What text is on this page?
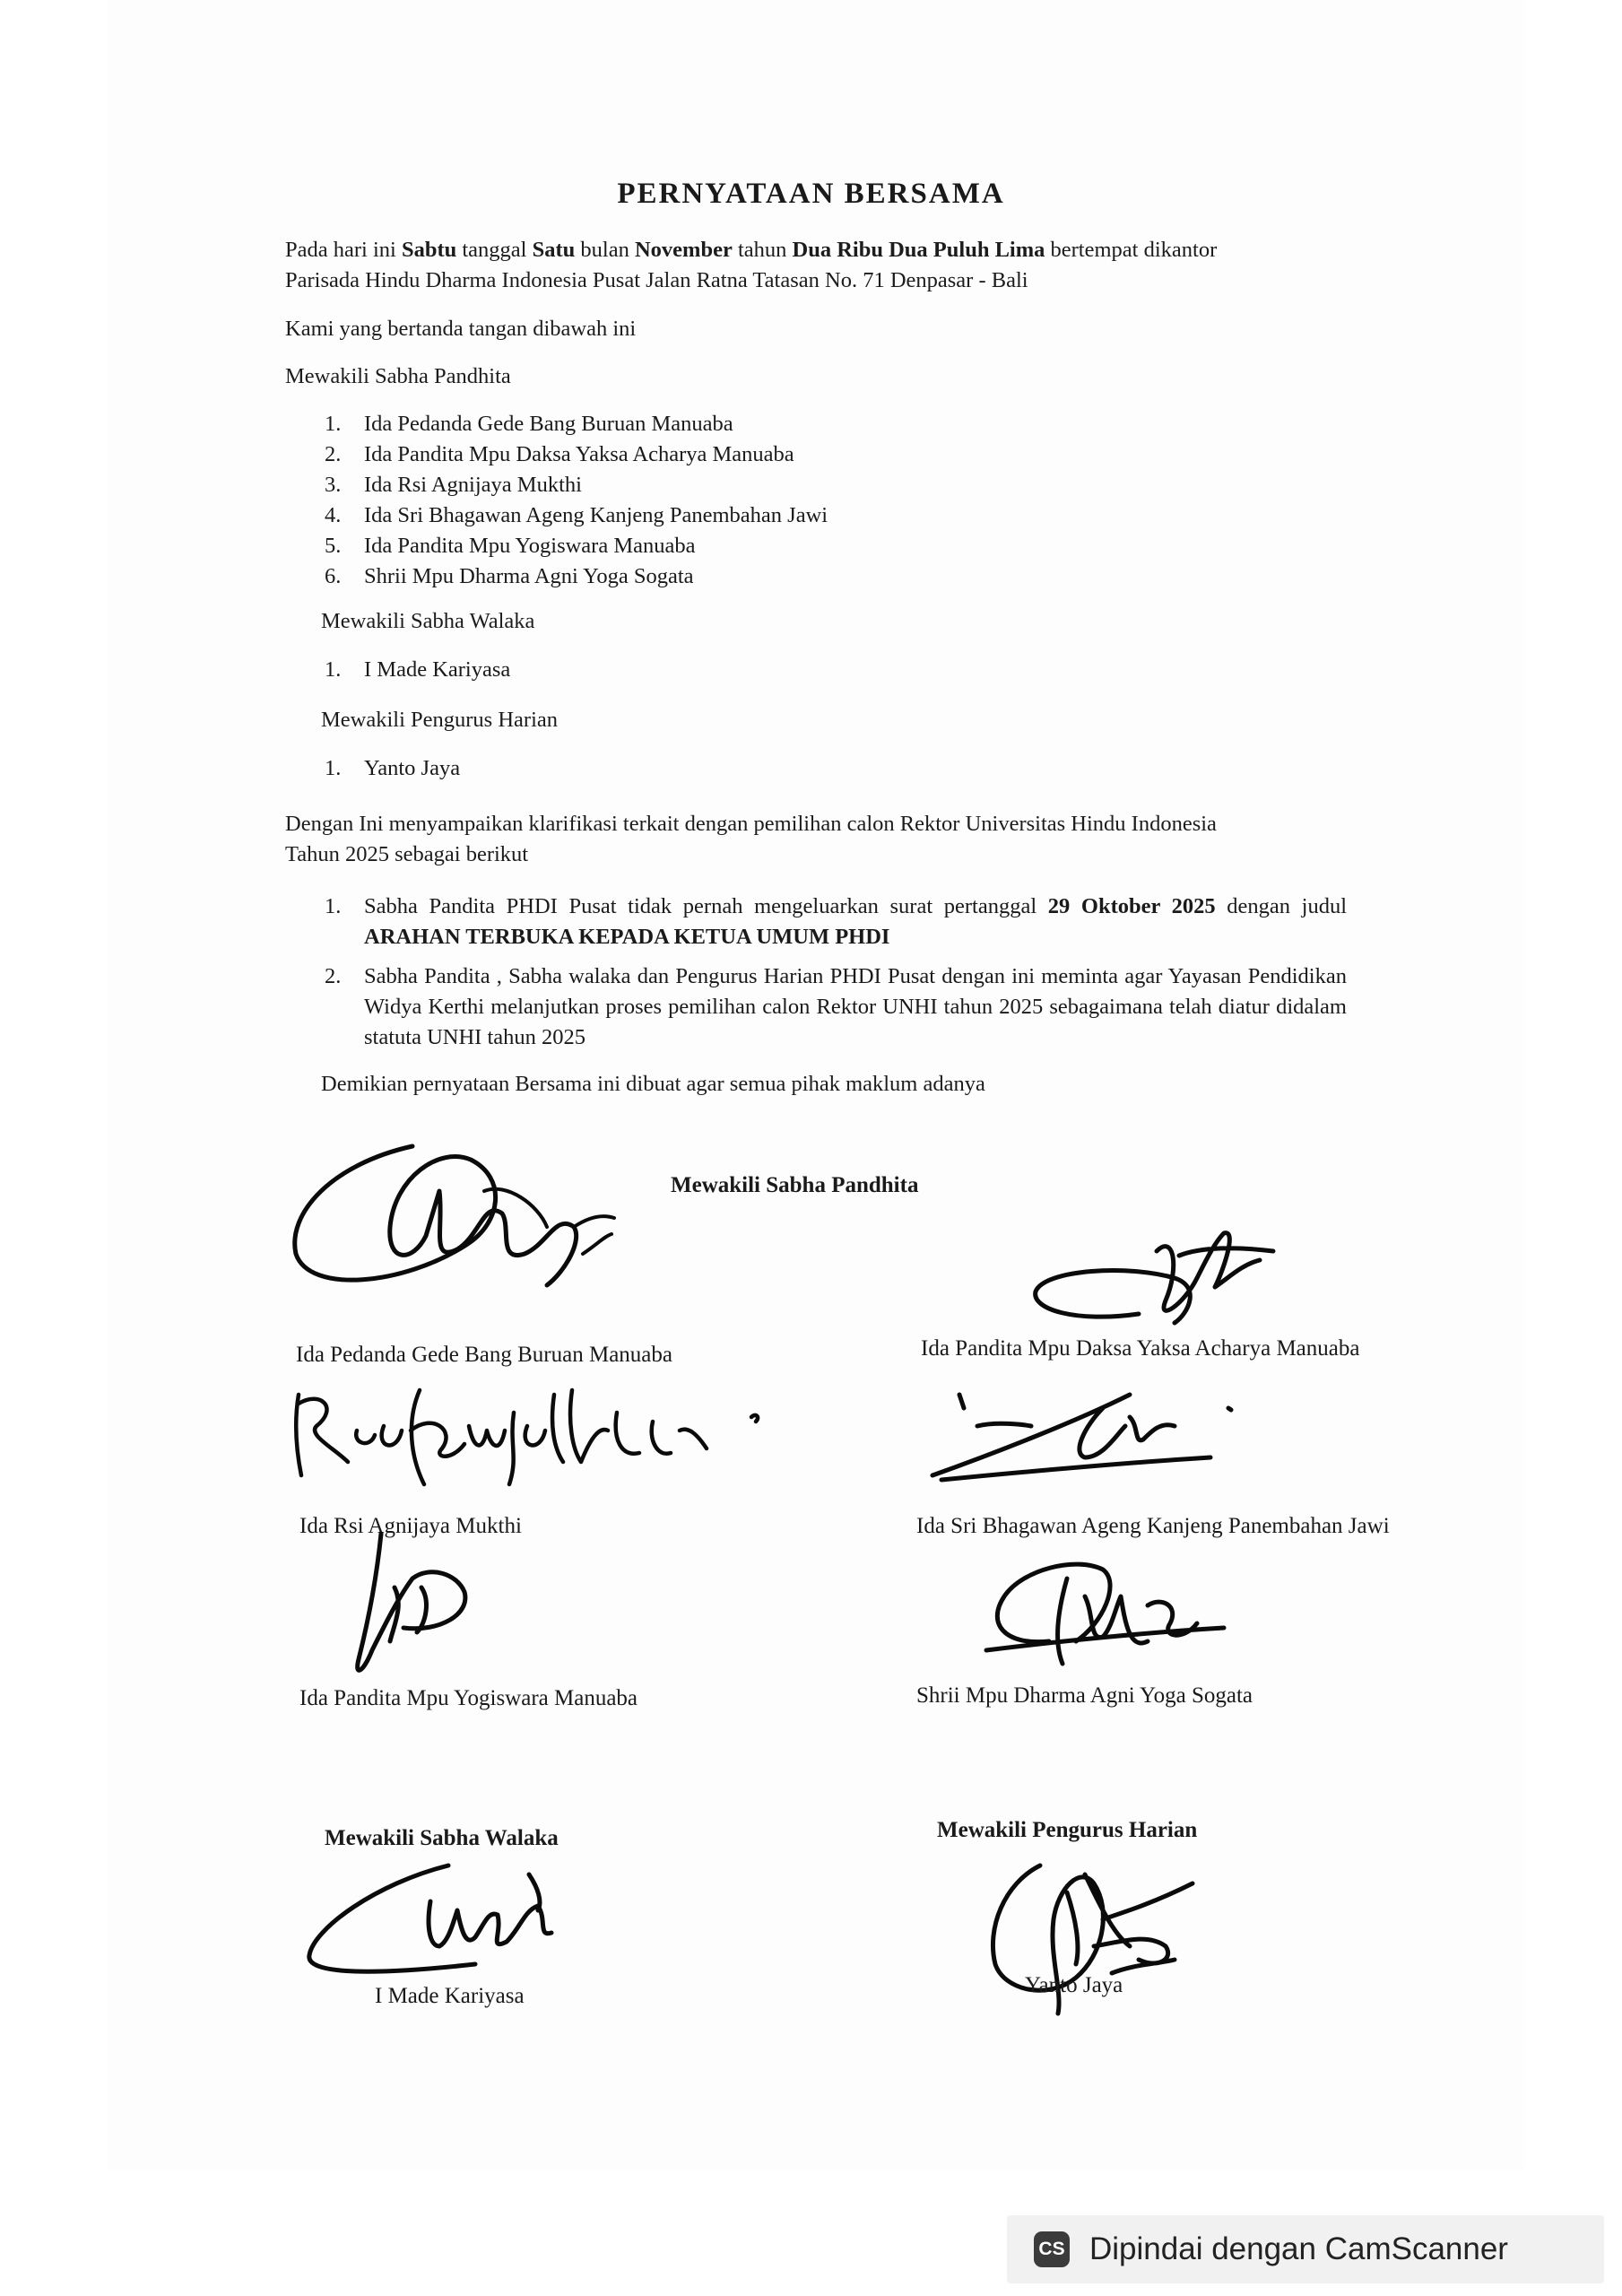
PERNYATAAN BERSAMA
Pada hari ini Sabtu tanggal Satu bulan November tahun Dua Ribu Dua Puluh Lima bertempat dikantor
Parisada Hindu Dharma Indonesia Pusat Jalan Ratna Tatasan No. 71 Denpasar - Bali
Kami yang bertanda tangan dibawah ini
Mewakili Sabha Pandhita
1.	Ida Pedanda Gede Bang Buruan Manuaba
2.	Ida Pandita Mpu Daksa Yaksa Acharya Manuaba
3.	Ida Rsi Agnijaya Mukthi
4.	Ida Sri Bhagawan Ageng Kanjeng Panembahan Jawi
5.	Ida Pandita Mpu Yogiswara Manuaba
6.	Shrii Mpu Dharma Agni Yoga Sogata
Mewakili Sabha Walaka
1.	I Made Kariyasa
Mewakili Pengurus Harian
1.	Yanto Jaya
Dengan Ini menyampaikan klarifikasi terkait dengan pemilihan calon Rektor Universitas Hindu Indonesia
Tahun 2025 sebagai berikut
1.	Sabha Pandita PHDI Pusat tidak pernah mengeluarkan surat pertanggal 29 Oktober 2025 dengan judul ARAHAN TERBUKA KEPADA KETUA UMUM PHDI
2.	Sabha Pandita , Sabha walaka dan Pengurus Harian PHDI Pusat dengan ini meminta agar Yayasan Pendidikan Widya Kerthi melanjutkan proses pemilihan calon Rektor UNHI tahun 2025 sebagaimana telah diatur didalam statuta UNHI tahun 2025
Demikian pernyataan Bersama ini dibuat agar semua pihak maklum adanya
Mewakili Sabha Pandhita
Ida Pedanda Gede Bang Buruan Manuaba	Ida Pandita Mpu Daksa Yaksa Acharya Manuaba
Ida Rsi Agnijaya Mukthi	Ida Sri Bhagawan Ageng Kanjeng Panembahan Jawi
Ida Pandita Mpu Yogiswara Manuaba	Shrii Mpu Dharma Agni Yoga Sogata
Mewakili Sabha Walaka
I Made Kariyasa
Mewakili Pengurus Harian
Yanto Jaya
CS Dipindai dengan CamScanner
